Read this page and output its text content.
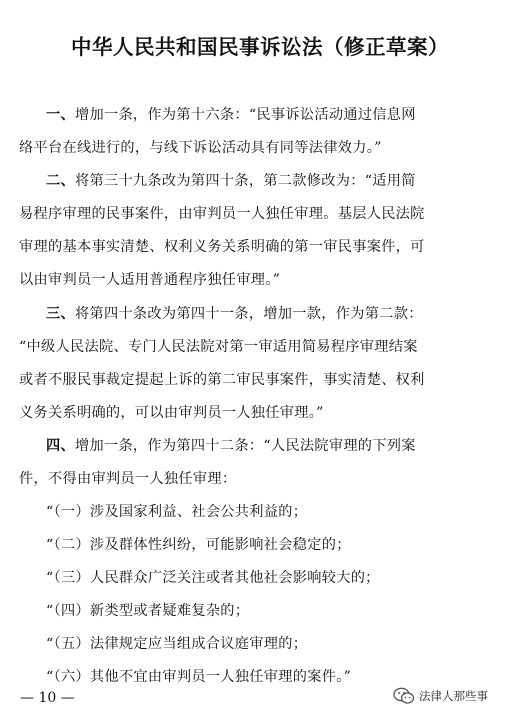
中华人民共和国民事诉讼法（修正草案）
一、增加一条，作为第十六条：“民事诉讼活动通过信息网
络平台在线进行的，与线下诉讼活动具有同等法律效力。”
二、将第三十九条改为第四十条，第二款修改为：“适用简
易程序审理的民事案件，由审判员一人独任审理。基层人民法院
审理的基本事实清楚、权利义务关系明确的第一审民事案件，可
以由审判员一人适用普通程序独任审理。”
三、将第四十条改为第四十一条，增加一款，作为第二款：
“中级人民法院、专门人民法院对第一审适用简易程序审理结案
或者不服民事裁定提起上诉的第二审民事案件，事实清楚、权利
义务关系明确的，可以由审判员一人独任审理。”
四、增加一条，作为第四十二条：“人民法院审理的下列案
件，不得由审判员一人独任审理：
“（一）涉及国家利益、社会公共利益的；
“（二）涉及群体性纠纷，可能影响社会稳定的；
“（三）人民群众广泛关注或者其他社会影响较大的；
“（四）新类型或者疑难复杂的；
“（五）法律规定应当组成合议庭审理的；
“（六）其他不宜由审判员一人独任审理的案件。”
— 10 —	法律人那些事
